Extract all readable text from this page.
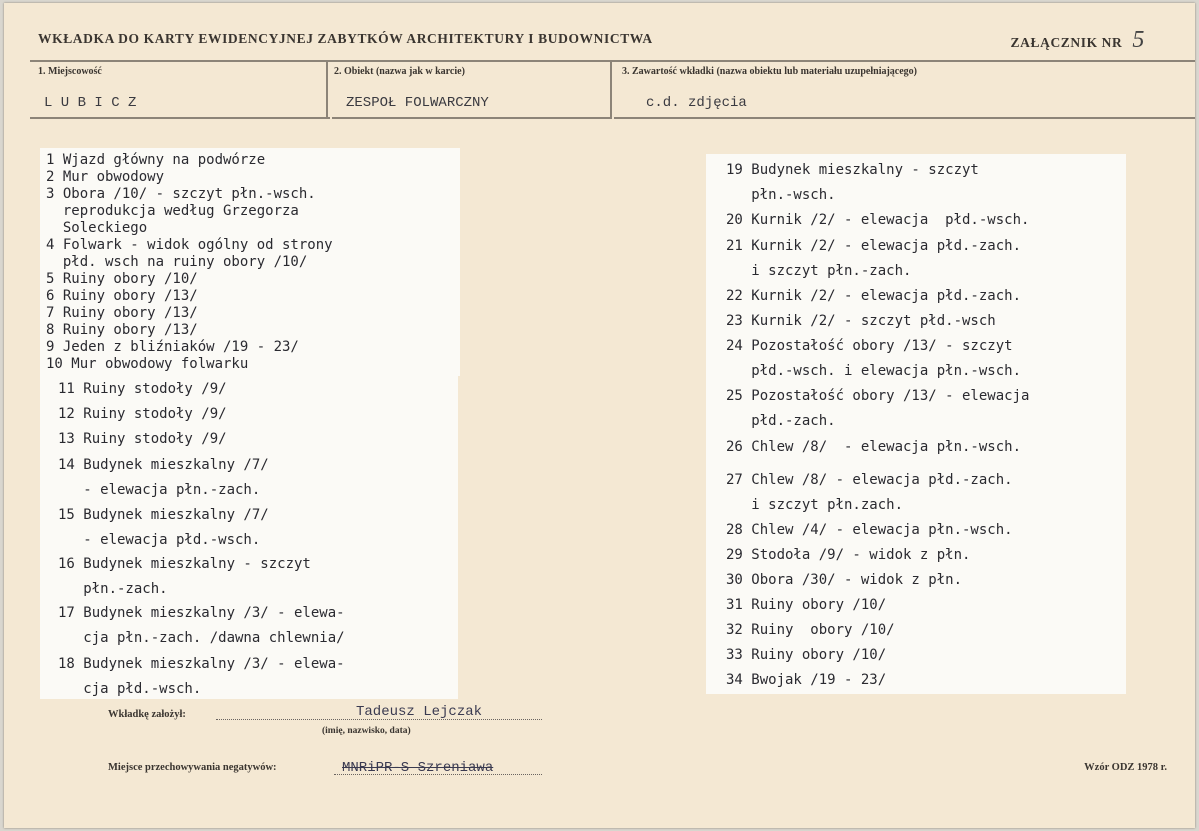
WKŁADKA DO KARTY EWIDENCYJNEJ ZABYTKÓW ARCHITEKTURY I BUDOWNICTWA	ZAŁĄCZNIK NR 5
1. Miejscowość
L U B I C Z
2. Obiekt (nazwa jak w karcie)
ZESPOŁ FOLWARCZNY
3. Zawartość wkładki (nazwa obiektu lub materiału uzupełniającego)
c.d. zdjęcia
1 Wjazd główny na podwórze
2 Mur obwodowy
3 Obora /10/ - szczyt płn.-wsch.
reprodukcja według Grzegorza
Soleckiego
4 Folwark - widok ogólny od strony
płd. wsch na ruiny obory /10/
5 Ruiny obory /10/
6 Ruiny obory /13/
7 Ruiny obory /13/
8 Ruiny obory /13/
9 Jeden z bliźniaków /19 - 23/
10 Mur obwodowy folwarku
11 Ruiny stodoły /9/
12 Ruiny stodoły /9/
13 Ruiny stodoły /9/
14 Budynek mieszkalny /7/
- elewacja płn.-zach.
15 Budynek mieszkalny /7/
- elewacja płd.-wsch.
16 Budynek mieszkalny - szczyt
płn.-zach.
17 Budynek mieszkalny /3/ - elewa-
cja płn.-zach. /dawna chlewnia/
18 Budynek mieszkalny /3/ - elewa-
cja płd.-wsch.
19 Budynek mieszkalny - szczyt
płn.-wsch.
20 Kurnik /2/ - elewacja  płd.-wsch.
21 Kurnik /2/ - elewacja płd.-zach.
i szczyt płn.-zach.
22 Kurnik /2/ - elewacja płd.-zach.
23 Kurnik /2/ - szczyt płd.-wsch
24 Pozostałość obory /13/ - szczyt
płd.-wsch. i elewacja płn.-wsch.
25 Pozostałość obory /13/ - elewacja
płd.-zach.
26 Chlew /8/  - elewacja płn.-wsch.
27 Chlew /8/ - elewacja płd.-zach.
i szczyt płn.zach.
28 Chlew /4/ - elewacja płn.-wsch.
29 Stodoła /9/ - widok z płn.
30 Obora /30/ - widok z płn.
31 Ruiny obory /10/
32 Ruiny  obory /10/
33 Ruiny obory /10/
34 Bwojak /19 - 23/
Wkładkę założył:	Tadeusz Lejczak
(imię, nazwisko, data)
Miejsce przechowywania negatywów:	MNRiPR-S Szreniawa	Wzór ODZ 1978 r.
